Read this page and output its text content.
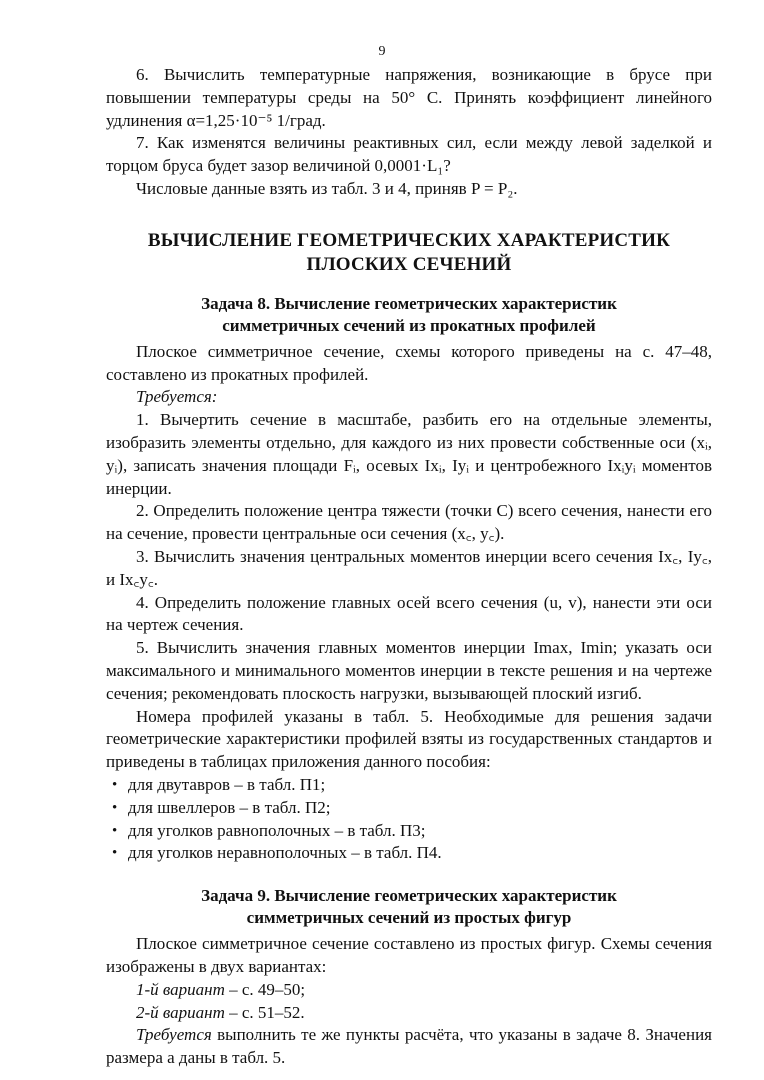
9

6. Вычислить температурные напряжения, возникающие в брусе при повышении температуры среды на 50° С. Принять коэффициент линейного удлинения α=1,25·10⁻⁵ 1/град.

7. Как изменятся величины реактивных сил, если между левой заделкой и торцом бруса будет зазор величиной 0,0001·L₁?

Числовые данные взять из табл. 3 и 4, приняв P = P₂.

ВЫЧИСЛЕНИЕ ГЕОМЕТРИЧЕСКИХ ХАРАКТЕРИСТИК
ПЛОСКИХ СЕЧЕНИЙ
Задача 8. Вычисление геометрических характеристик
симметричных сечений из прокатных профилей

Плоское симметричное сечение, схемы которого приведены на с. 47–48, составлено из прокатных профилей.

Требуется:

1. Вычертить сечение в масштабе, разбить его на отдельные элементы, изобразить элементы отдельно, для каждого из них провести собственные оси (xᵢ, yᵢ), записать значения площади Fᵢ, осевых Ixᵢ, Iyᵢ и центробежного Ixᵢyᵢ моментов инерции.

2. Определить положение центра тяжести (точки С) всего сечения, нанести его на сечение, провести центральные оси сечения (x꜀, y꜀).

3. Вычислить значения центральных моментов инерции всего сечения Ix꜀, Iy꜀, и Ix꜀y꜀.

4. Определить положение главных осей всего сечения (u, v), нанести эти оси на чертеж сечения.

5. Вычислить значения главных моментов инерции Imax, Imin; указать оси максимального и минимального моментов инерции в тексте решения и на чертеже сечения; рекомендовать плоскость нагрузки, вызывающей плоский изгиб.

Номера профилей указаны в табл. 5. Необходимые для решения задачи геометрические характеристики профилей взяты из государственных стандартов и приведены в таблицах приложения данного пособия:

• для двутавров – в табл. П1;
• для швеллеров – в табл. П2;
• для уголков равнополочных – в табл. П3;
• для уголков неравнополочных – в табл. П4.
Задача 9. Вычисление геометрических характеристик
симметричных сечений из простых фигур

Плоское симметричное сечение составлено из простых фигур. Схемы сечения изображены в двух вариантах:

1-й вариант – с. 49–50;

2-й вариант – с. 51–52.

Требуется выполнить те же пункты расчёта, что указаны в задаче 8. Значения размера a даны в табл. 5.
